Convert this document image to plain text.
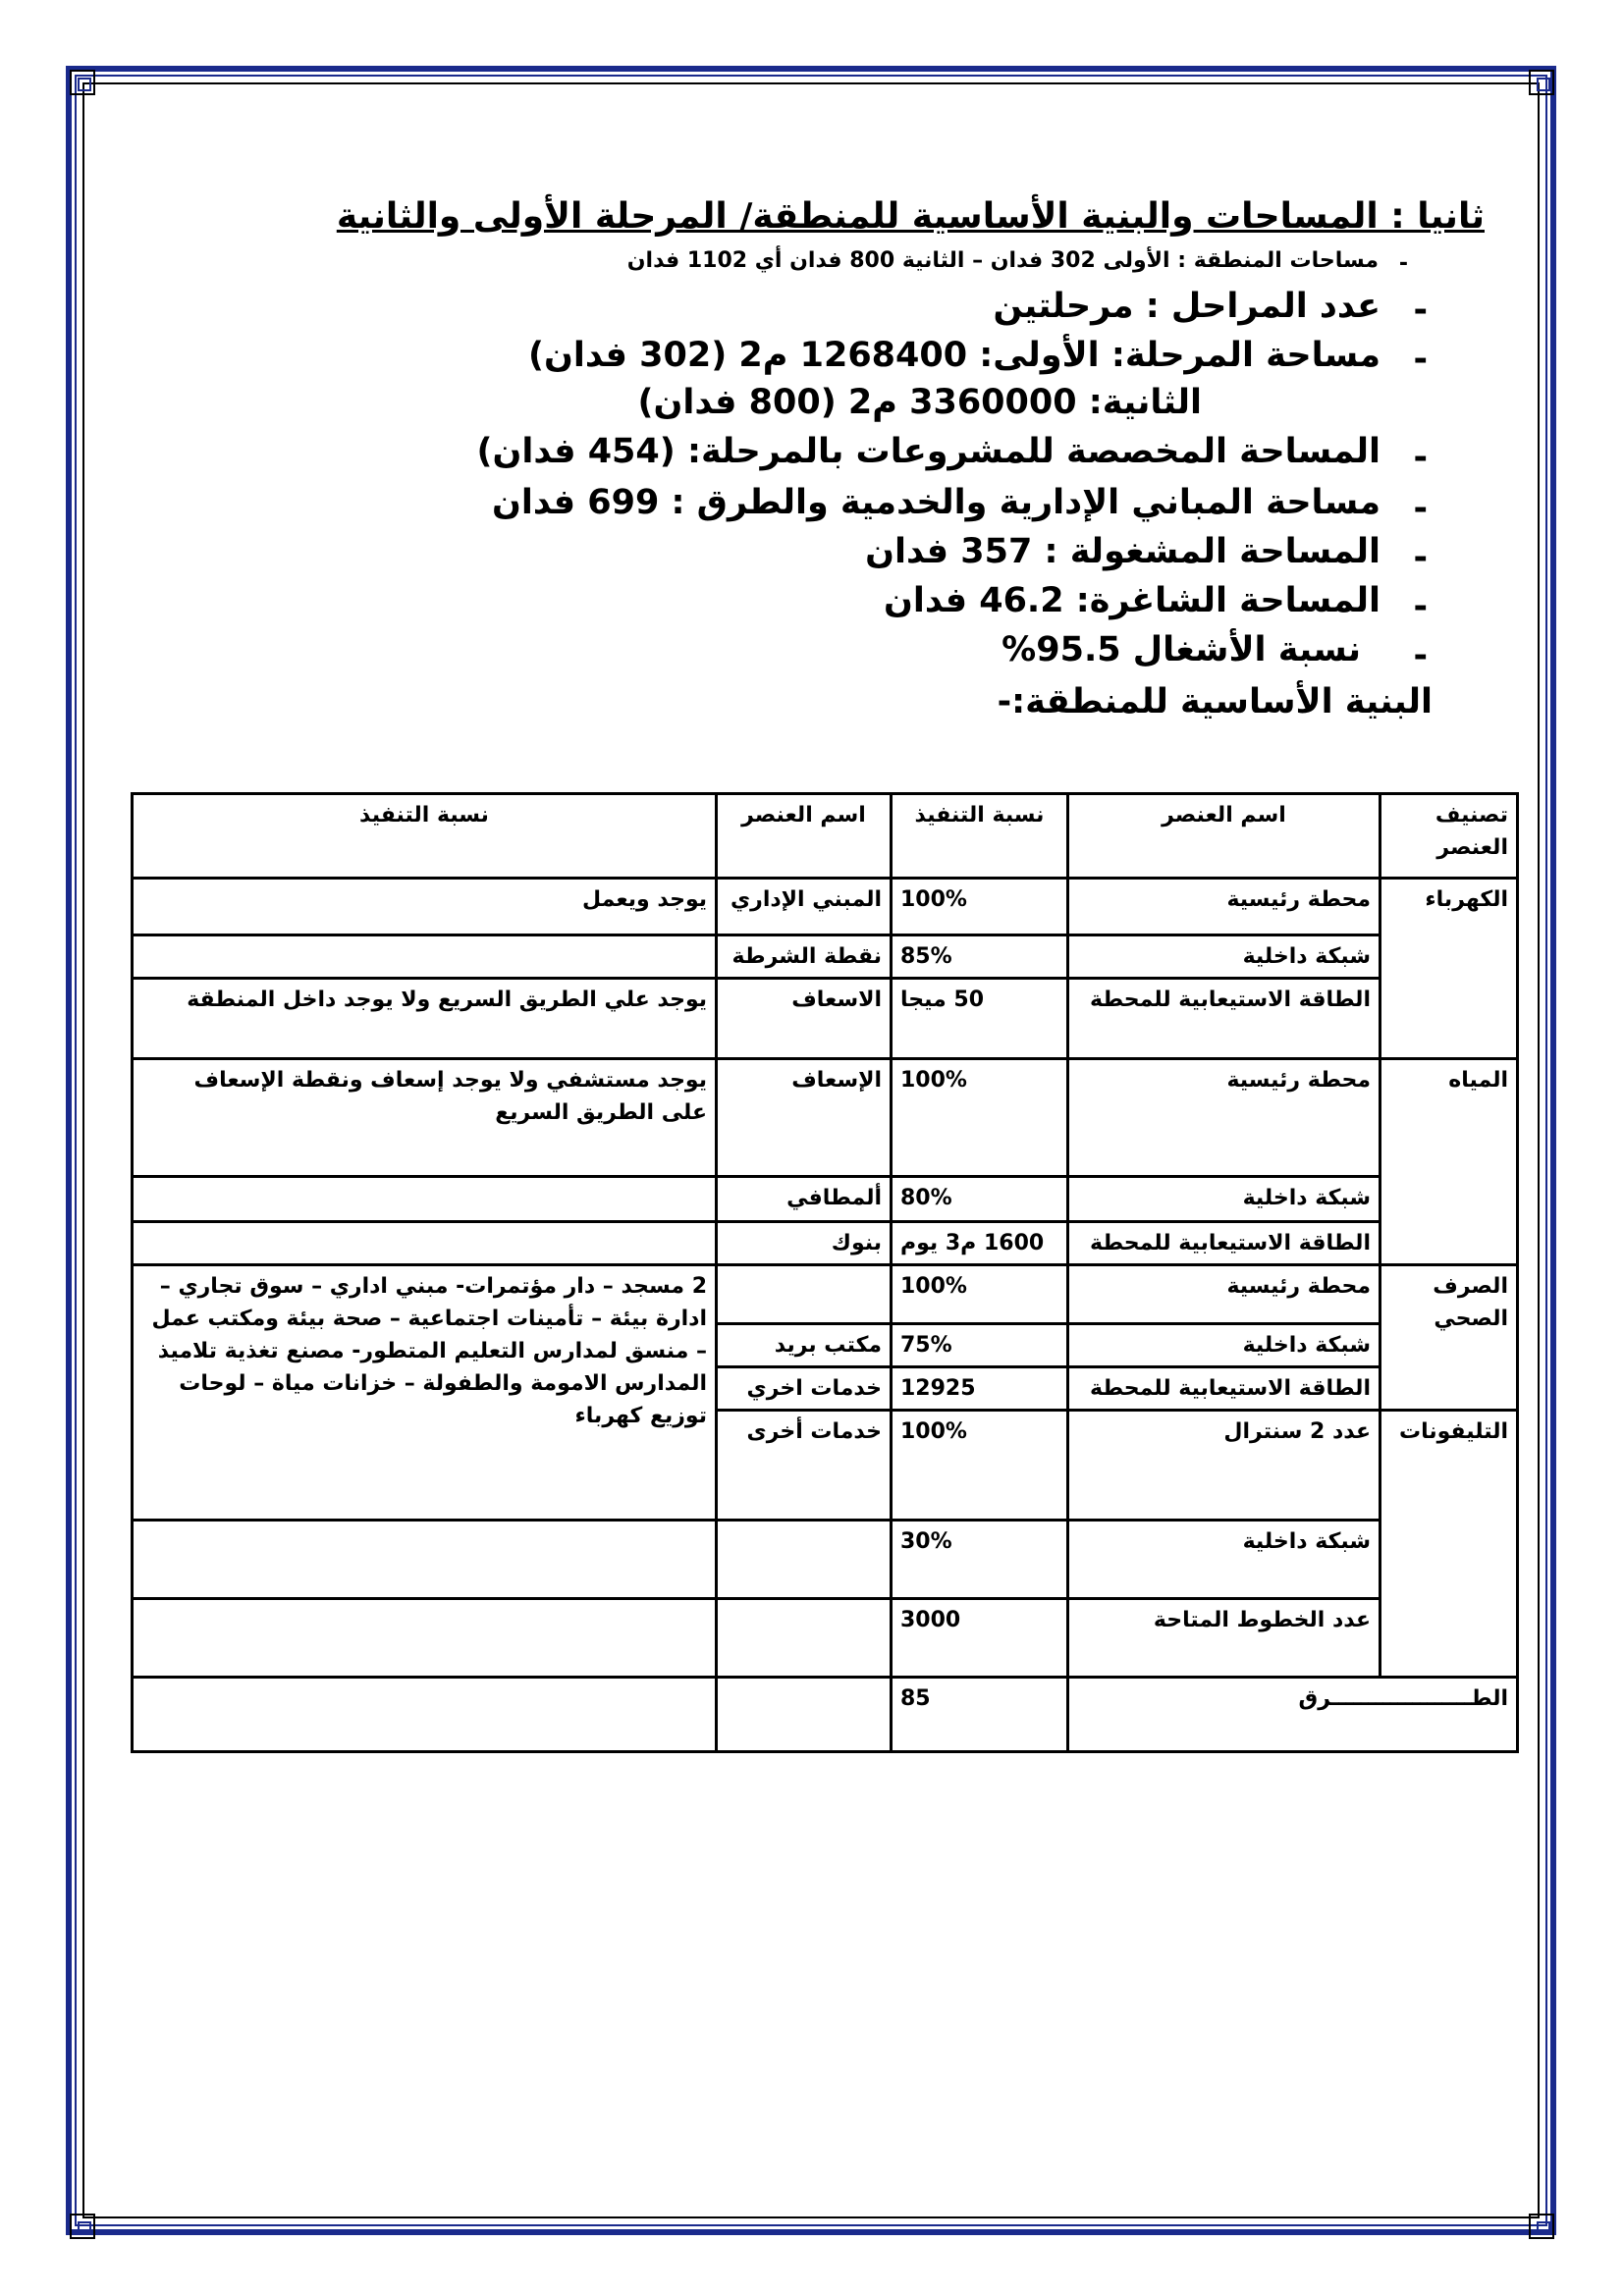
ثانيا : المساحات والبنية الأساسية للمنطقة/ المرحلة الأولى والثانية
-
مساحات المنطقة : الأولى 302 فدان – الثانية 800 فدان أي 1102 فدان
-
عدد المراحل : مرحلتين
-
مساحة المرحلة: الأولى: 1268400 م2 (302 فدان)
الثانية: 3360000 م2 (800 فدان)
-
المساحة المخصصة للمشروعات بالمرحلة: (454 فدان)
-
مساحة المباني الإدارية والخدمية والطرق : 699 فدان
-
المساحة المشغولة : 357 فدان
-
المساحة الشاغرة: 46.2 فدان
-
نسبة الأشغال 95.5%
البنية الأساسية للمنطقة:-
تصنيف العنصر	اسم العنصر	نسبة التنفيذ	اسم العنصر	نسبة التنفيذ
الكهرباء	محطة رئيسية	100%	المبني الإداري	يوجد ويعمل
	شبكة داخلية	85%	نقطة الشرطة	
	الطاقة الاستيعابية للمحطة	50 ميجا	الاسعاف	يوجد علي الطريق السريع ولا يوجد داخل المنطقة
المياه	محطة رئيسية	100%	الإسعاف	يوجد مستشفي ولا يوجد إسعاف ونقطة الإسعاف على الطريق السريع
	شبكة داخلية	80%	ألمطافي	
	الطاقة الاستيعابية للمحطة	1600 م3 يوم	بنوك	
الصرف الصحي	محطة رئيسية	100%		2 مسجد – دار مؤتمرات- مبني اداري – سوق تجاري – ادارة بيئة – تأمينات اجتماعية – صحة بيئة ومكتب عمل – منسق لمدارس التعليم المتطور- مصنع تغذية تلاميذ المدارس الامومة والطفولة – خزانات مياة – لوحات توزيع كهرباء
	شبكة داخلية	75%	مكتب بريد	
	الطاقة الاستيعابية للمحطة	12925	خدمات اخري	
التليفونات	عدد 2 سنترال	100%	خدمات أخرى	
	شبكة داخلية	30%		
	عدد الخطوط المتاحة	3000		
الطـــــــــــــــــــرق		85		
